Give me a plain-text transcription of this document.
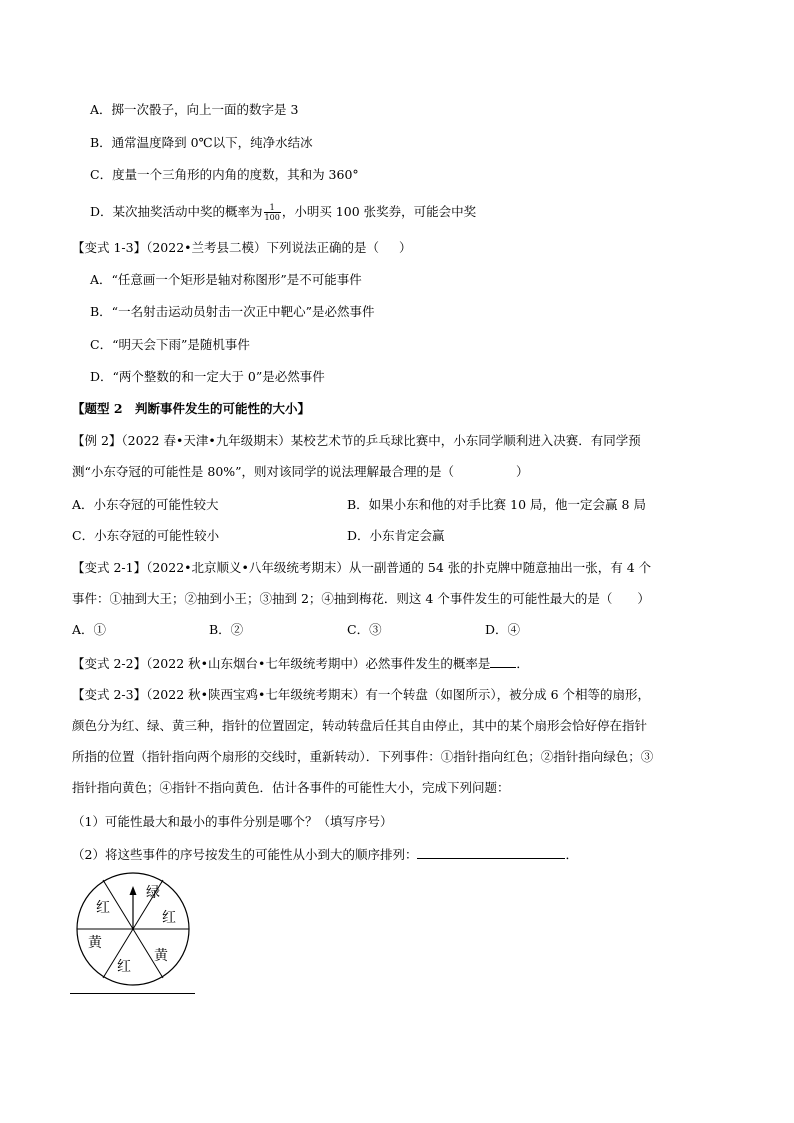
A．掷一次骰子，向上一面的数字是 3
B．通常温度降到 0℃以下，纯净水结冰
C．度量一个三角形的内角的度数，其和为 360°
D．某次抽奖活动中奖的概率为 $\frac{1}{100}$ ，小明买 100 张奖券，可能会中奖
【变式 1-3】（2022•兰考县二模）下列说法正确的是（ ）
A．“任意画一个矩形是轴对称图形”是不可能事件
B．“一名射击运动员射击一次正中靶心”是必然事件
C．“明天会下雨”是随机事件
D．“两个整数的和一定大于 0”是必然事件
【题型 2　判断事件发生的可能性的大小】
【例 2】（2022 春•天津•九年级期末）某校艺术节的乒乓球比赛中，小东同学顺利进入决赛．有同学预
测“小东夺冠的可能性是 80%”，则对该同学的说法理解最合理的是（	）
A．小东夺冠的可能性较大	B．如果小东和他的对手比赛 10 局，他一定会赢 8 局
C．小东夺冠的可能性较小	D．小东肯定会赢
【变式 2-1】（2022•北京顺义•八年级统考期末）从一副普通的 54 张的扑克牌中随意抽出一张，有 4 个
事件：①抽到大王；②抽到小王；③抽到 2；④抽到梅花．则这 4 个事件发生的可能性最大的是（　　）
A．①	B．②	C．③	D．④
【变式 2-2】（2022 秋•山东烟台•七年级统考期中）必然事件发生的概率是 ．
【变式 2-3】（2022 秋•陕西宝鸡•七年级统考期末）有一个转盘（如图所示），被分成 6 个相等的扇形，
颜色分为红、绿、黄三种，指针的位置固定，转动转盘后任其自由停止，其中的某个扇形会恰好停在指针
所指的位置（指针指向两个扇形的交线时，重新转动）．下列事件：①指针指向红色；②指针指向绿色；③
指针指向黄色；④指针不指向黄色．估计各事件的可能性大小，完成下列问题：
（1）可能性最大和最小的事件分别是哪个？（填写序号）
（2）将这些事件的序号按发生的可能性从小到大的顺序排列：	．
绿
红
黄
红
黄
红
